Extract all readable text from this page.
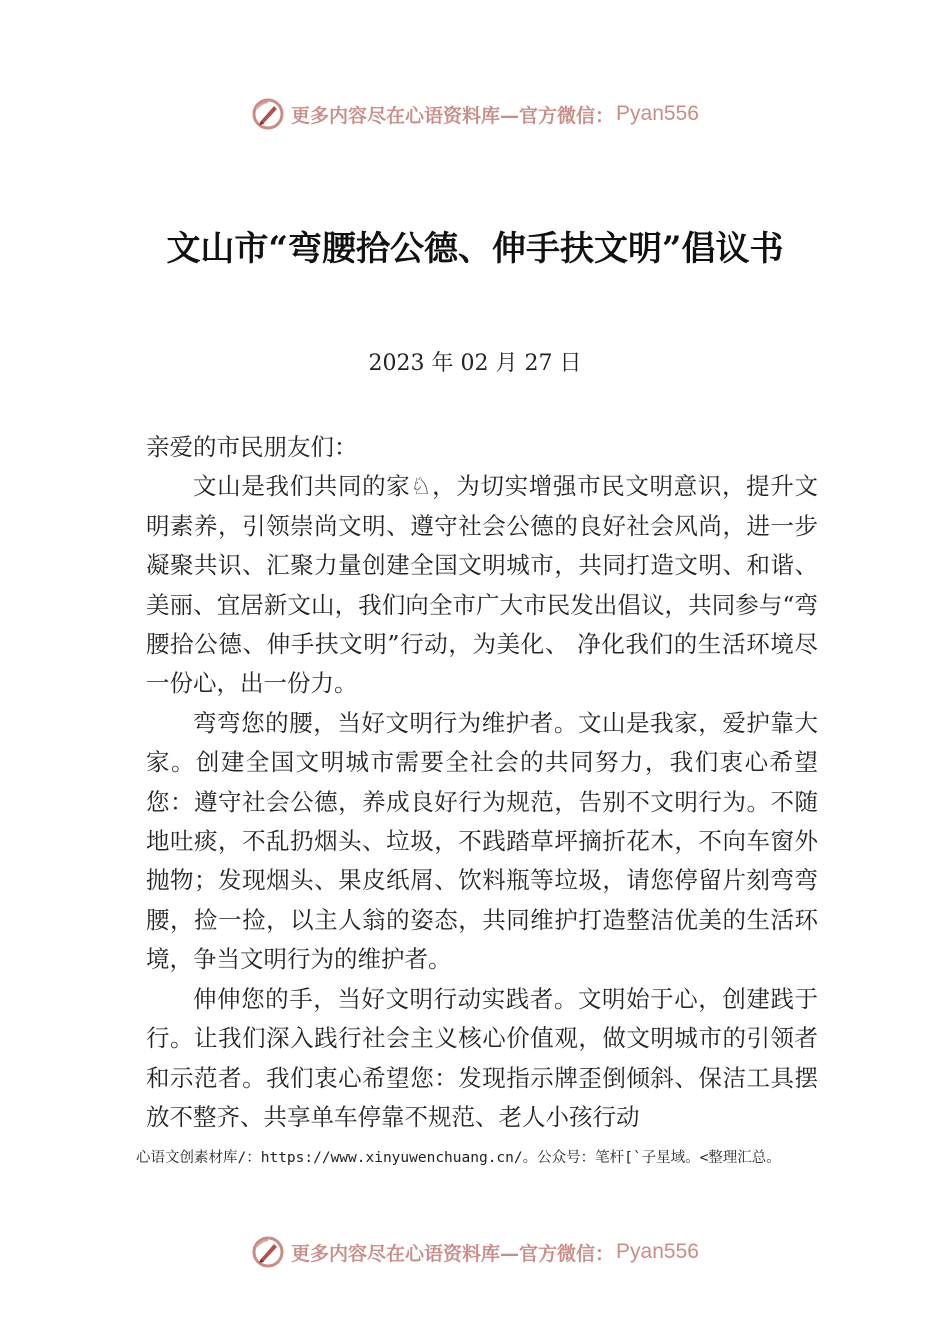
更多内容尽在心语资料库—官方微信： Pyan556
文山市“弯腰拾公德、伸手扶文明”倡议书
2023 年 02 月 27 日

亲爱的市民朋友们：

文山是我们共同的家♘，为切实增强市民文明意识，提升文明素养，引领崇尚文明、遵守社会公德的良好社会风尚，进一步凝聚共识、汇聚力量创建全国文明城市，共同打造文明、和谐、美丽、宜居新文山，我们向全市广大市民发出倡议，共同参与“弯腰拾公德、伸手扶文明”行动，为美化、 净化我们的生活环境尽一份心，出一份力。

弯弯您的腰，当好文明行为维护者。文山是我家，爱护靠大家。创建全国文明城市需要全社会的共同努力，我们衷心希望您：遵守社会公德，养成良好行为规范，告别不文明行为。不随地吐痰，不乱扔烟头、垃圾，不践踏草坪摘折花木，不向车窗外抛物；发现烟头、果皮纸屑、饮料瓶等垃圾，请您停留片刻弯弯腰，捡一捡，以主人翁的姿态，共同维护打造整洁优美的生活环境，争当文明行为的维护者。

伸伸您的手，当好文明行动实践者。文明始于心，创建践于行。让我们深入践行社会主义核心价值观，做文明城市的引领者和示范者。我们衷心希望您：发现指示牌歪倒倾斜、保洁工具摆放不整齐、共享单车停靠不规范、老人小孩行动

心语文创素材库/：https://www.xinyuwenchuang.cn/。公众号：笔杆[`子星域。<整理汇总。

更多内容尽在心语资料库—官方微信： Pyan556
